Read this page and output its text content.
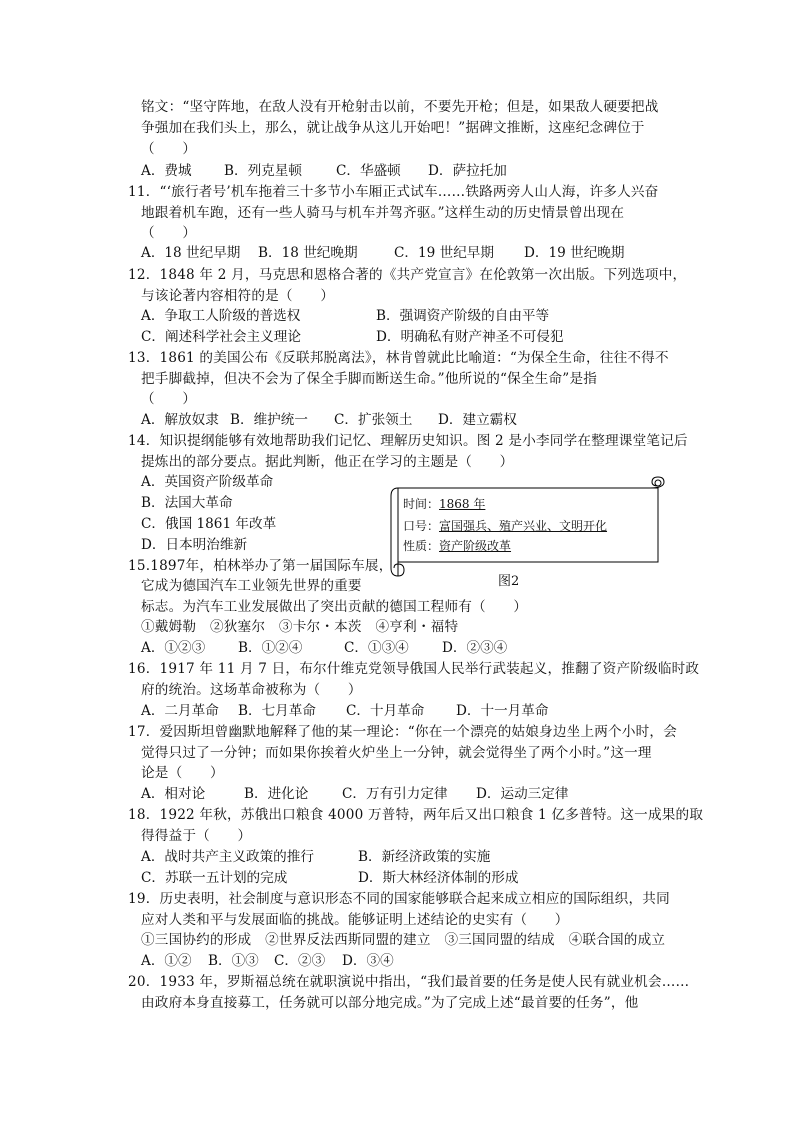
铭文：“坚守阵地，在敌人没有开枪射击以前，不要先开枪；但是，如果敌人硬要把战
争强加在我们头上，那么，就让战争从这儿开始吧！”据碑文推断，这座纪念碑位于
（　　）
A．费城 B．列克星顿	C．华盛顿 D．萨拉托加
11．“‘旅行者号’机车拖着三十多节小车厢正式试车……铁路两旁人山人海，许多人兴奋
地跟着机车跑，还有一些人骑马与机车并驾齐驱。”这样生动的历史情景曾出现在
（　　）
A．18 世纪早期 B．18 世纪晚期	C．19 世纪早期 D．19 世纪晚期
12．1848 年 2 月，马克思和恩格合著的《共产党宣言》在伦敦第一次出版。下列选项中，
与该论著内容相符的是（　　）
A．争取工人阶级的普选权	B．强调资产阶级的自由平等
C．阐述科学社会主义理论	D．明确私有财产神圣不可侵犯
13．1861 的美国公布《反联邦脱离法》，林肯曾就此比喻道：“为保全生命，往往不得不
把手脚截掉，但决不会为了保全手脚而断送生命。”他所说的“保全生命”是指
（　　）
A．解放奴隶 B．维护统一 C．扩张领土 D．建立霸权
14．知识提纲能够有效地帮助我们记忆、理解历史知识。图 2 是小李同学在整理课堂笔记后
提炼出的部分要点。据此判断，他正在学习的主题是（　　）
A．英国资产阶级革命
B．法国大革命
C．俄国 1861 年改革
D．日本明治维新
时间：1868 年
口号：富国强兵、殖产兴业、文明开化
性质：资产阶级改革
图2
15.1897年，柏林举办了第一届国际车展，
它成为德国汽车工业领先世界的重要
标志。为汽车工业发展做出了突出贡献的德国工程师有（　　）
①戴姆勒　②狄塞尔　③卡尔・本茨　④亨利・福特
A．①②③ B．①②④	C．①③④ D．②③④
16．1917 年 11 月 7 日，布尔什维克党领导俄国人民举行武装起义，推翻了资产阶级临时政
府的统治。这场革命被称为（　　）
A．二月革命 B．七月革命 C．十月革命 D．十一月革命
17．爱因斯坦曾幽默地解释了他的某一理论：“你在一个漂亮的姑娘身边坐上两个小时，会
觉得只过了一分钟；而如果你挨着火炉坐上一分钟，就会觉得坐了两个小时。”这一理
论是（　　）
A．相对论	B．进化论 C．万有引力定律 D．运动三定律
18．1922 年秋，苏俄出口粮食 4000 万普特，两年后又出口粮食 1 亿多普特。这一成果的取
得得益于（　　）
A．战时共产主义政策的推行	B．新经济政策的实施
C．苏联一五计划的完成	D．斯大林经济体制的形成
19．历史表明，社会制度与意识形态不同的国家能够联合起来成立相应的国际组织，共同
应对人类和平与发展面临的挑战。能够证明上述结论的史实有（　　）
①三国协约的形成　②世界反法西斯同盟的建立　③三国同盟的结成　④联合国的成立
A．①② B．①③ C．②③ D．③④
20．1933 年，罗斯福总统在就职演说中指出，“我们最首要的任务是使人民有就业机会……
由政府本身直接募工，任务就可以部分地完成。”为了完成上述“最首要的任务”，他
